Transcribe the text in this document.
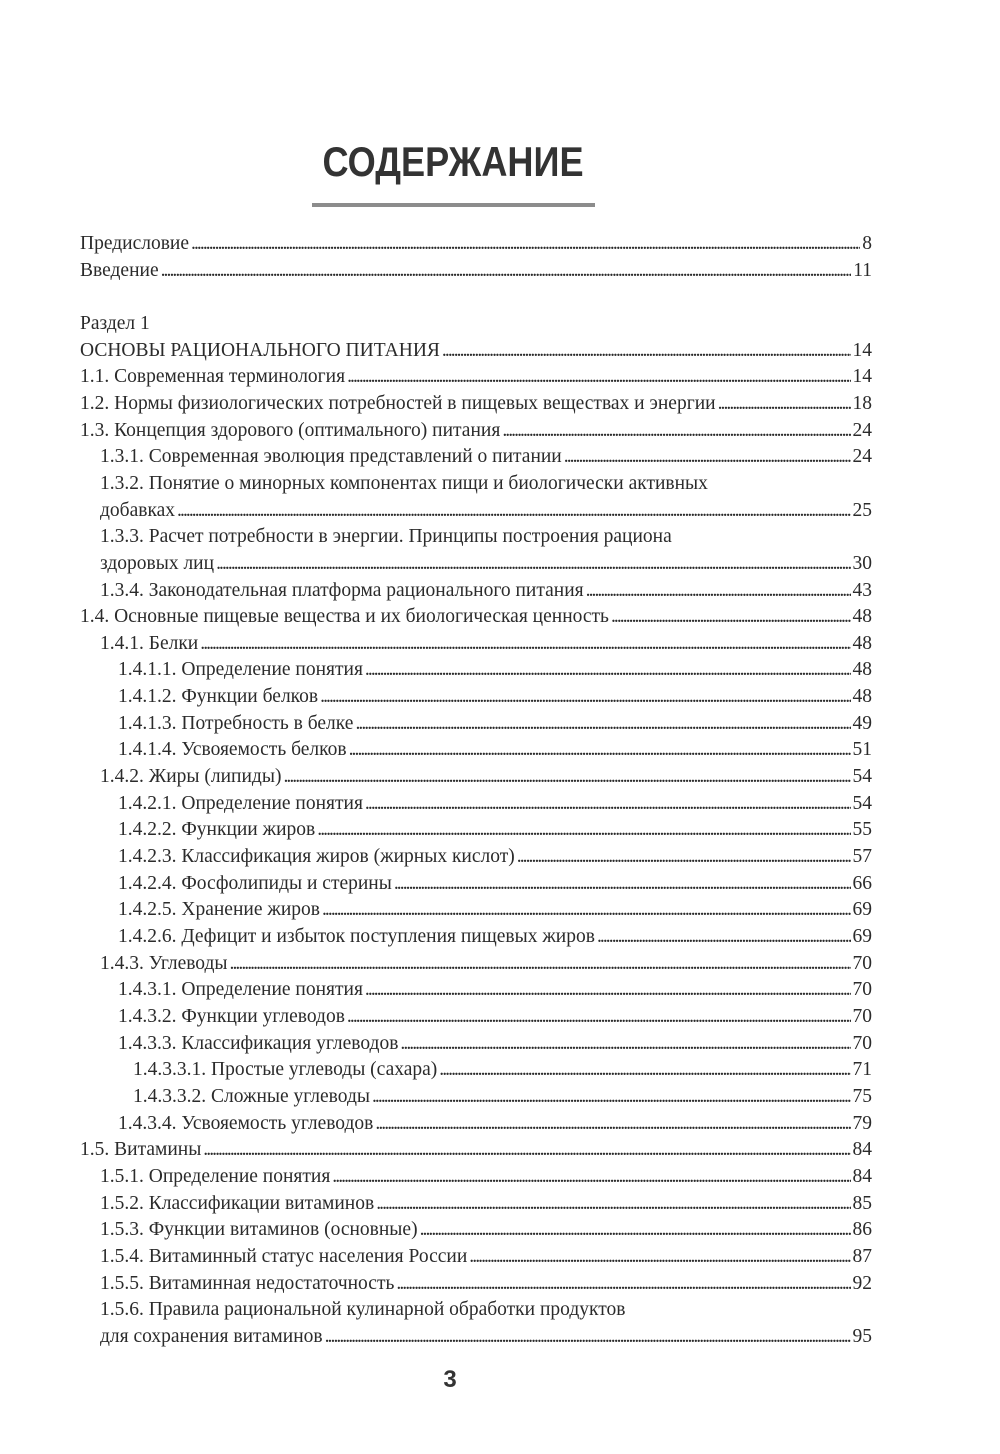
СОДЕРЖАНИЕ
Предисловие . . .	8
Введение . . .	11
Раздел 1
ОСНОВЫ РАЦИОНАЛЬНОГО ПИТАНИЯ . . .	14
1.1. Современная терминология . . .	14
1.2. Нормы физиологических потребностей в пищевых веществах и энергии . . .	18
1.3. Концепция здорового (оптимального) питания . . .	24
1.3.1. Современная эволюция представлений о питании . . .	24
1.3.2. Понятие о минорных компонентах пищи и биологически активных
добавках . . .	25
1.3.3. Расчет потребности в энергии. Принципы построения рациона
здоровых лиц . . .	30
1.3.4. Законодательная платформа рационального питания . . .	43
1.4. Основные пищевые вещества и их биологическая ценность . . .	48
1.4.1. Белки . . .	48
1.4.1.1. Определение понятия . . .	48
1.4.1.2. Функции белков . . .	48
1.4.1.3. Потребность в белке . . .	49
1.4.1.4. Усвояемость белков . . .	51
1.4.2. Жиры (липиды) . . .	54
1.4.2.1. Определение понятия . . .	54
1.4.2.2. Функции жиров . . .	55
1.4.2.3. Классификация жиров (жирных кислот) . . .	57
1.4.2.4. Фосфолипиды и стерины . . .	66
1.4.2.5. Хранение жиров . . .	69
1.4.2.6. Дефицит и избыток поступления пищевых жиров . . .	69
1.4.3. Углеводы . . .	70
1.4.3.1. Определение понятия . . .	70
1.4.3.2. Функции углеводов . . .	70
1.4.3.3. Классификация углеводов . . .	70
1.4.3.3.1. Простые углеводы (сахара) . . .	71
1.4.3.3.2. Сложные углеводы . . .	75
1.4.3.4. Усвояемость углеводов . . .	79
1.5. Витамины . . .	84
1.5.1. Определение понятия . . .	84
1.5.2. Классификации витаминов . . .	85
1.5.3. Функции витаминов (основные) . . .	86
1.5.4. Витаминный статус населения России . . .	87
1.5.5. Витаминная недостаточность . . .	92
1.5.6. Правила рациональной кулинарной обработки продуктов
для сохранения витаминов . . .	95
3
